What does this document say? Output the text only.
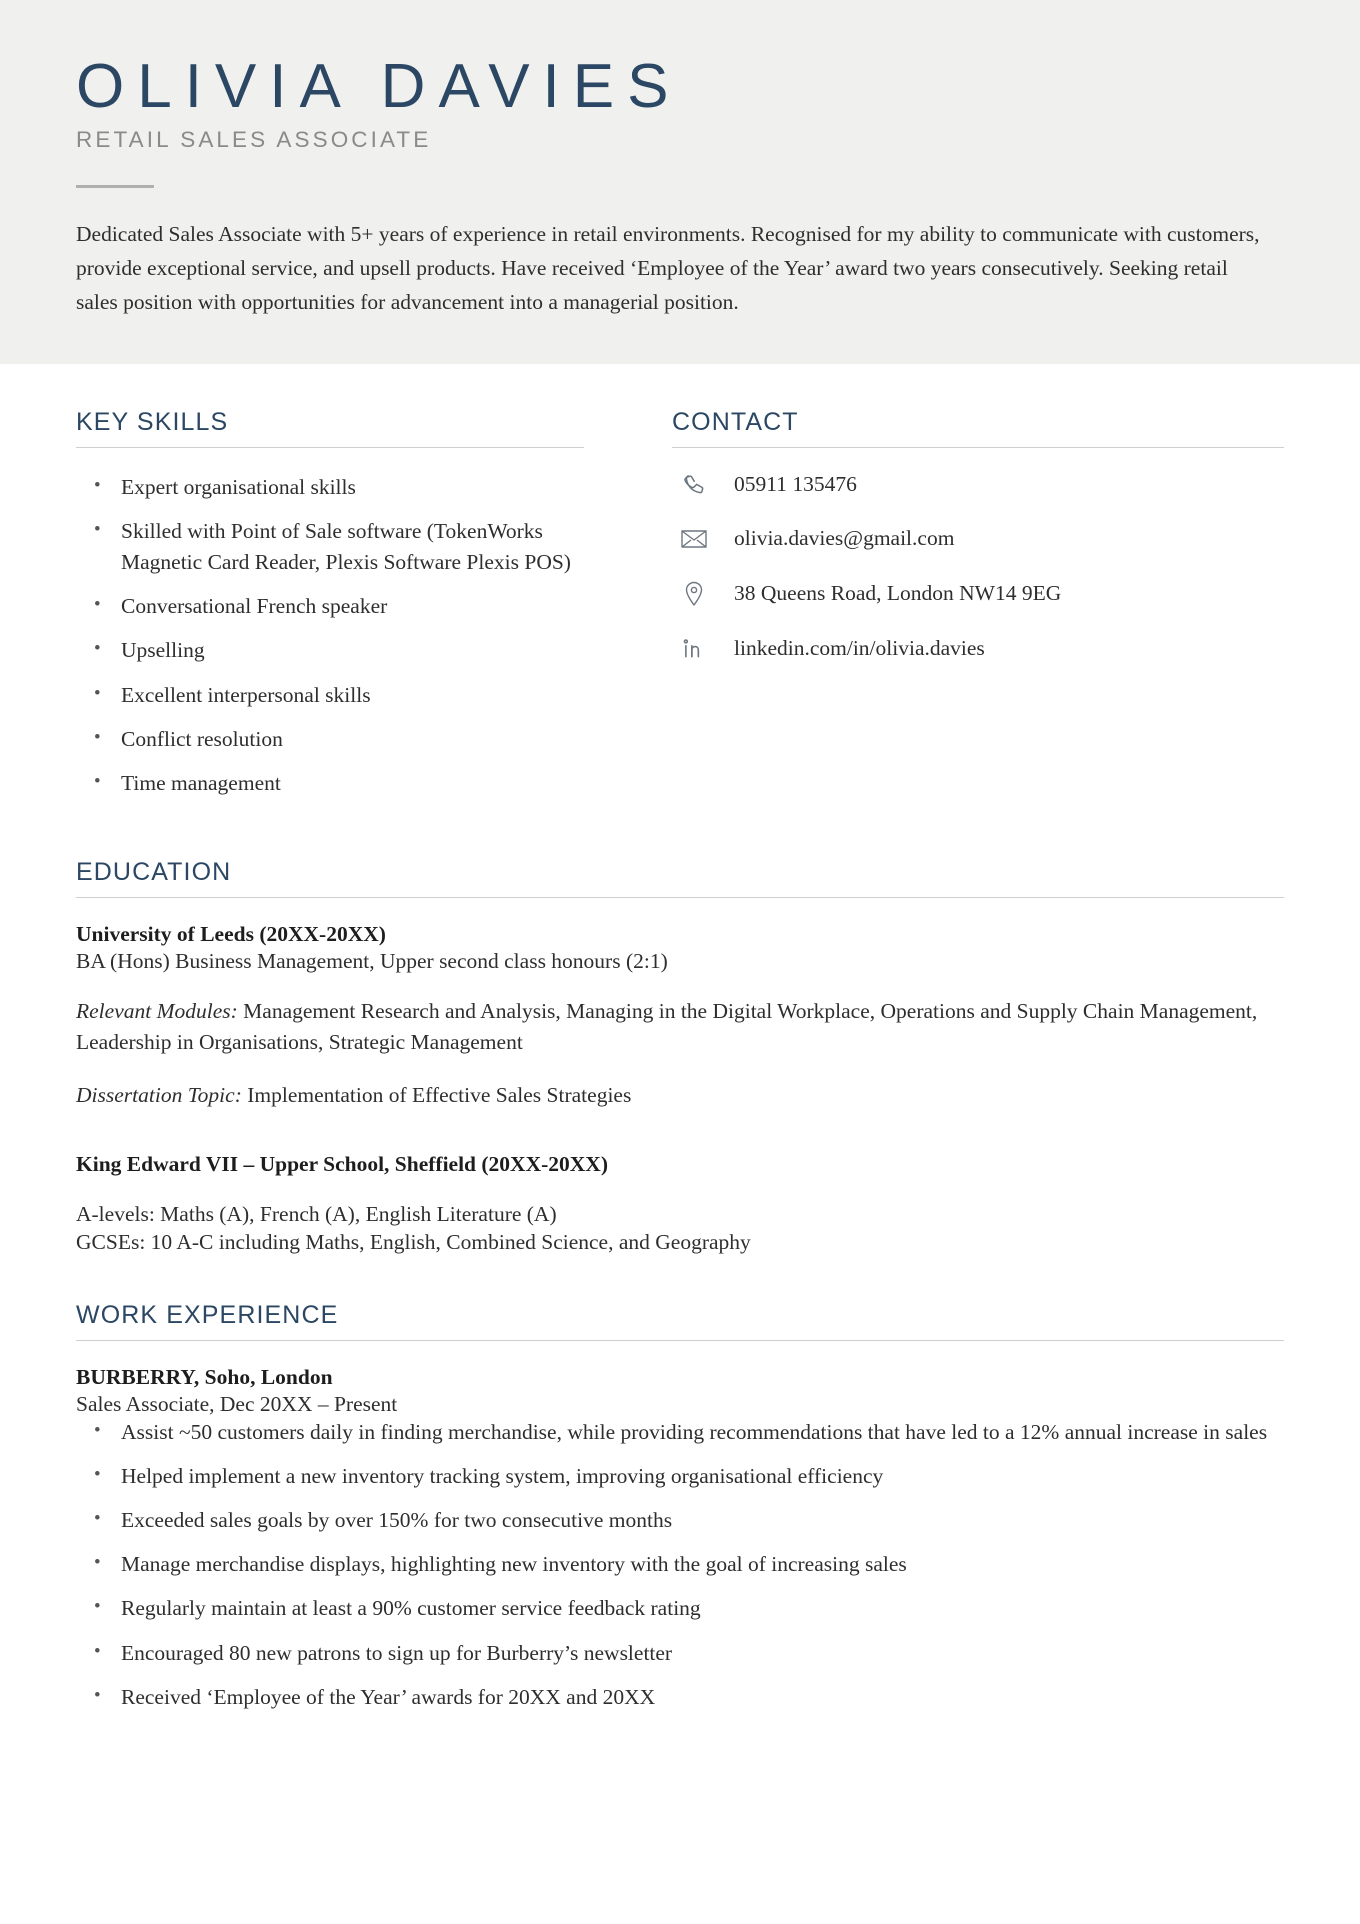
OLIVIA DAVIES
RETAIL SALES ASSOCIATE

Dedicated Sales Associate with 5+ years of experience in retail environments. Recognised for my ability to communicate with customers, provide exceptional service, and upsell products. Have received ‘Employee of the Year’ award two years consecutively. Seeking retail sales position with opportunities for advancement into a managerial position.

KEY SKILLS
• Expert organisational skills
• Skilled with Point of Sale software (TokenWorks Magnetic Card Reader, Plexis Software Plexis POS)
• Conversational French speaker
• Upselling
• Excellent interpersonal skills
• Conflict resolution
• Time management
CONTACT
05911 135476
olivia.davies@gmail.com
38 Queens Road, London NW14 9EG
linkedin.com/in/olivia.davies
EDUCATION

University of Leeds (20XX-20XX)

BA (Hons) Business Management, Upper second class honours (2:1)

Relevant Modules: Management Research and Analysis, Managing in the Digital Workplace, Operations and Supply Chain Management, Leadership in Organisations, Strategic Management

Dissertation Topic: Implementation of Effective Sales Strategies

King Edward VII – Upper School, Sheffield (20XX-20XX)

A-levels: Maths (A), French (A), English Literature (A)

GCSEs: 10 A-C including Maths, English, Combined Science, and Geography

WORK EXPERIENCE

BURBERRY, Soho, London

Sales Associate, Dec 20XX – Present

• Assist ~50 customers daily in finding merchandise, while providing recommendations that have led to a 12% annual increase in sales
• Helped implement a new inventory tracking system, improving organisational efficiency
• Exceeded sales goals by over 150% for two consecutive months
• Manage merchandise displays, highlighting new inventory with the goal of increasing sales
• Regularly maintain at least a 90% customer service feedback rating
• Encouraged 80 new patrons to sign up for Burberry’s newsletter
• Received ‘Employee of the Year’ awards for 20XX and 20XX
